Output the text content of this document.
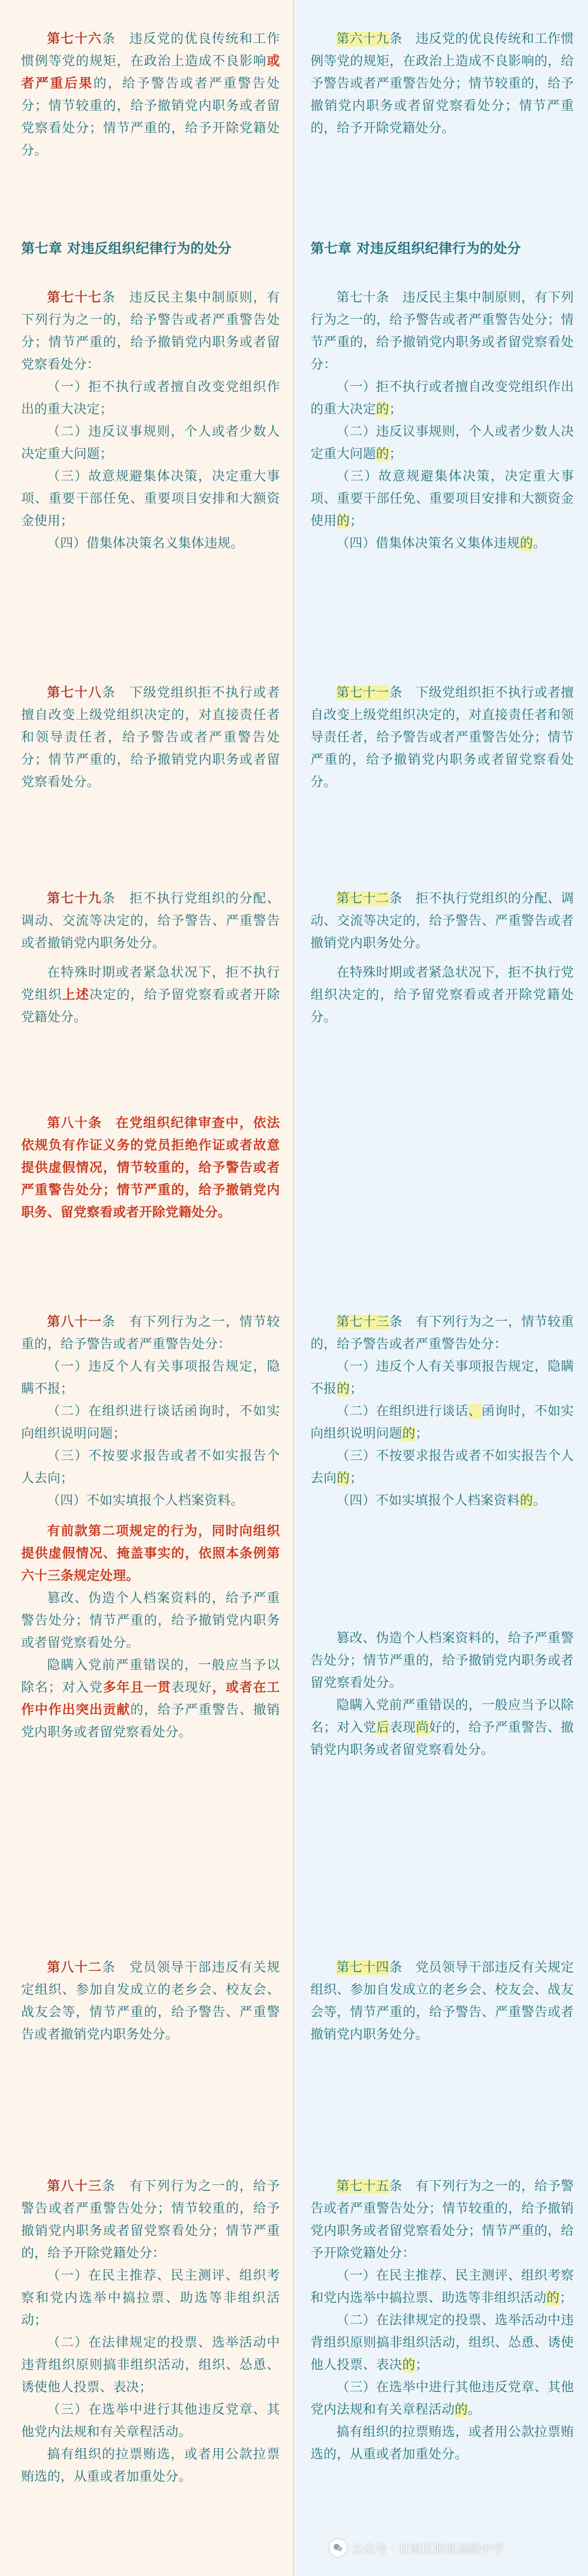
第七十六条　违反党的优良传统和工作惯例等党的规矩，在政治上造成不良影响或者严重后果的，给予警告或者严重警告处分；情节较重的，给予撤销党内职务或者留党察看处分；情节严重的，给予开除党籍处分。

第七章 对违反组织纪律行为的处分

第七十七条　违反民主集中制原则，有下列行为之一的，给予警告或者严重警告处分；情节严重的，给予撤销党内职务或者留党察看处分：

（一）拒不执行或者擅自改变党组织作出的重大决定；

（二）违反议事规则，个人或者少数人决定重大问题；

（三）故意规避集体决策，决定重大事项、重要干部任免、重要项目安排和大额资金使用；

（四）借集体决策名义集体违规。

第七十八条　下级党组织拒不执行或者擅自改变上级党组织决定的，对直接责任者和领导责任者，给予警告或者严重警告处分；情节严重的，给予撤销党内职务或者留党察看处分。

第七十九条　拒不执行党组织的分配、调动、交流等决定的，给予警告、严重警告或者撤销党内职务处分。

在特殊时期或者紧急状况下，拒不执行党组织上述决定的，给予留党察看或者开除党籍处分。

第八十条　在党组织纪律审查中，依法依规负有作证义务的党员拒绝作证或者故意提供虚假情况，情节较重的，给予警告或者严重警告处分；情节严重的，给予撤销党内职务、留党察看或者开除党籍处分。

第八十一条　有下列行为之一，情节较重的，给予警告或者严重警告处分：

（一）违反个人有关事项报告规定，隐瞒不报；

（二）在组织进行谈话函询时，不如实向组织说明问题；

（三）不按要求报告或者不如实报告个人去向；

（四）不如实填报个人档案资料。

有前款第二项规定的行为，同时向组织提供虚假情况、掩盖事实的，依照本条例第六十三条规定处理。

篡改、伪造个人档案资料的，给予严重警告处分；情节严重的，给予撤销党内职务或者留党察看处分。

隐瞒入党前严重错误的，一般应当予以除名；对入党多年且一贯表现好，或者在工作中作出突出贡献的，给予严重警告、撤销党内职务或者留党察看处分。

第八十二条　党员领导干部违反有关规定组织、参加自发成立的老乡会、校友会、战友会等，情节严重的，给予警告、严重警告或者撤销党内职务处分。

第八十三条　有下列行为之一的，给予警告或者严重警告处分；情节较重的，给予撤销党内职务或者留党察看处分；情节严重的，给予开除党籍处分：

（一）在民主推荐、民主测评、组织考察和党内选举中搞拉票、助选等非组织活动；

（二）在法律规定的投票、选举活动中违背组织原则搞非组织活动，组织、怂恿、诱使他人投票、表决；

（三）在选举中进行其他违反党章、其他党内法规和有关章程活动。

搞有组织的拉票贿选，或者用公款拉票贿选的，从重或者加重处分。

第六十九条　违反党的优良传统和工作惯例等党的规矩，在政治上造成不良影响的，给予警告或者严重警告处分；情节较重的，给予撤销党内职务或者留党察看处分；情节严重的，给予开除党籍处分。

第七章 对违反组织纪律行为的处分

第七十条　违反民主集中制原则，有下列行为之一的，给予警告或者严重警告处分；情节严重的，给予撤销党内职务或者留党察看处分：

（一）拒不执行或者擅自改变党组织作出的重大决定的；

（二）违反议事规则，个人或者少数人决定重大问题的；

（三）故意规避集体决策，决定重大事项、重要干部任免、重要项目安排和大额资金使用的；

（四）借集体决策名义集体违规的。

第七十一条　下级党组织拒不执行或者擅自改变上级党组织决定的，对直接责任者和领导责任者，给予警告或者严重警告处分；情节严重的，给予撤销党内职务或者留党察看处分。

第七十二条　拒不执行党组织的分配、调动、交流等决定的，给予警告、严重警告或者撤销党内职务处分。

在特殊时期或者紧急状况下，拒不执行党组织决定的，给予留党察看或者开除党籍处分。

第七十三条　有下列行为之一，情节较重的，给予警告或者严重警告处分：

（一）违反个人有关事项报告规定，隐瞒不报的；

（二）在组织进行谈话、函询时，不如实向组织说明问题的；

（三）不按要求报告或者不如实报告个人去向的；

（四）不如实填报个人档案资料的。

篡改、伪造个人档案资料的，给予严重警告处分；情节严重的，给予撤销党内职务或者留党察看处分。

隐瞒入党前严重错误的，一般应当予以除名；对入党后表现尚好的，给予严重警告、撤销党内职务或者留党察看处分。

第七十四条　党员领导干部违反有关规定组织、参加自发成立的老乡会、校友会、战友会等，情节严重的，给予警告、严重警告或者撤销党内职务处分。

第七十五条　有下列行为之一的，给予警告或者严重警告处分；情节较重的，给予撤销党内职务或者留党察看处分；情节严重的，给予开除党籍处分：

（一）在民主推荐、民主测评、组织考察和党内选举中搞拉票、助选等非组织活动的；

（二）在法律规定的投票、选举活动中违背组织原则搞非组织活动，组织、怂恿、诱使他人投票、表决的；

（三）在选举中进行其他违反党章、其他党内法规和有关章程活动的。

搞有组织的拉票贿选，或者用公款拉票贿选的，从重或者加重处分。

公众号 · 甘肃区职业高级中学
